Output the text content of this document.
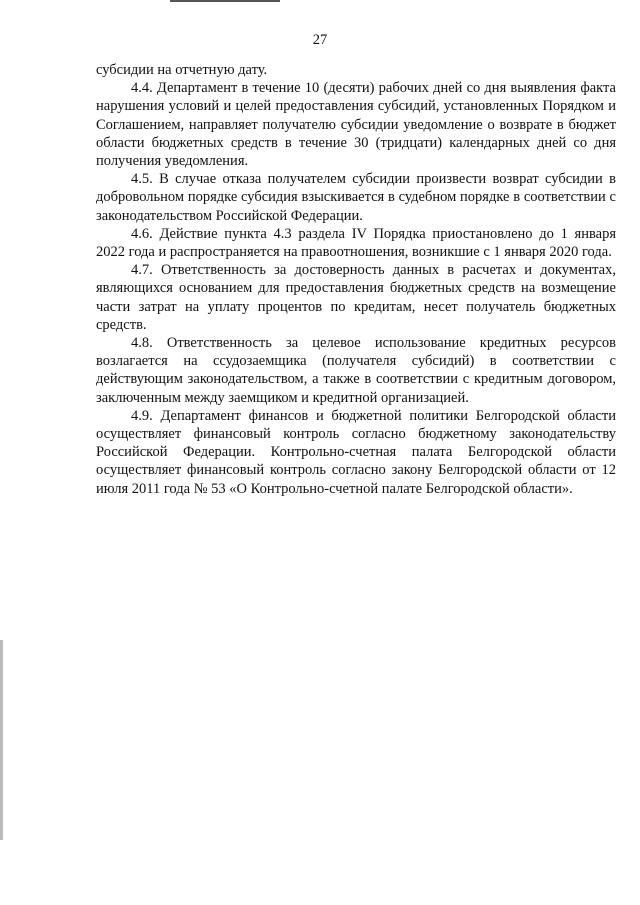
27

субсидии на отчетную дату.

4.4. Департамент в течение 10 (десяти) рабочих дней со дня выявления факта нарушения условий и целей предоставления субсидий, установленных Порядком и Соглашением, направляет получателю субсидии уведомление о возврате в бюджет области бюджетных средств в течение 30 (тридцати) календарных дней со дня получения уведомления.

4.5. В случае отказа получателем субсидии произвести возврат субсидии в добровольном порядке субсидия взыскивается в судебном порядке в соответствии с законодательством Российской Федерации.

4.6. Действие пункта 4.3 раздела IV Порядка приостановлено до 1 января 2022 года и распространяется на правоотношения, возникшие с 1 января 2020 года.

4.7. Ответственность за достоверность данных в расчетах и документах, являющихся основанием для предоставления бюджетных средств на возмещение части затрат на уплату процентов по кредитам, несет получатель бюджетных средств.

4.8. Ответственность за целевое использование кредитных ресурсов возлагается на ссудозаемщика (получателя субсидий) в соответствии с действующим законодательством, а также в соответствии с кредитным договором, заключенным между заемщиком и кредитной организацией.

4.9. Департамент финансов и бюджетной политики Белгородской области осуществляет финансовый контроль согласно бюджетному законодательству Российской Федерации. Контрольно-счетная палата Белгородской области осуществляет финансовый контроль согласно закону Белгородской области от 12 июля 2011 года № 53 «О Контрольно-счетной палате Белгородской области».
